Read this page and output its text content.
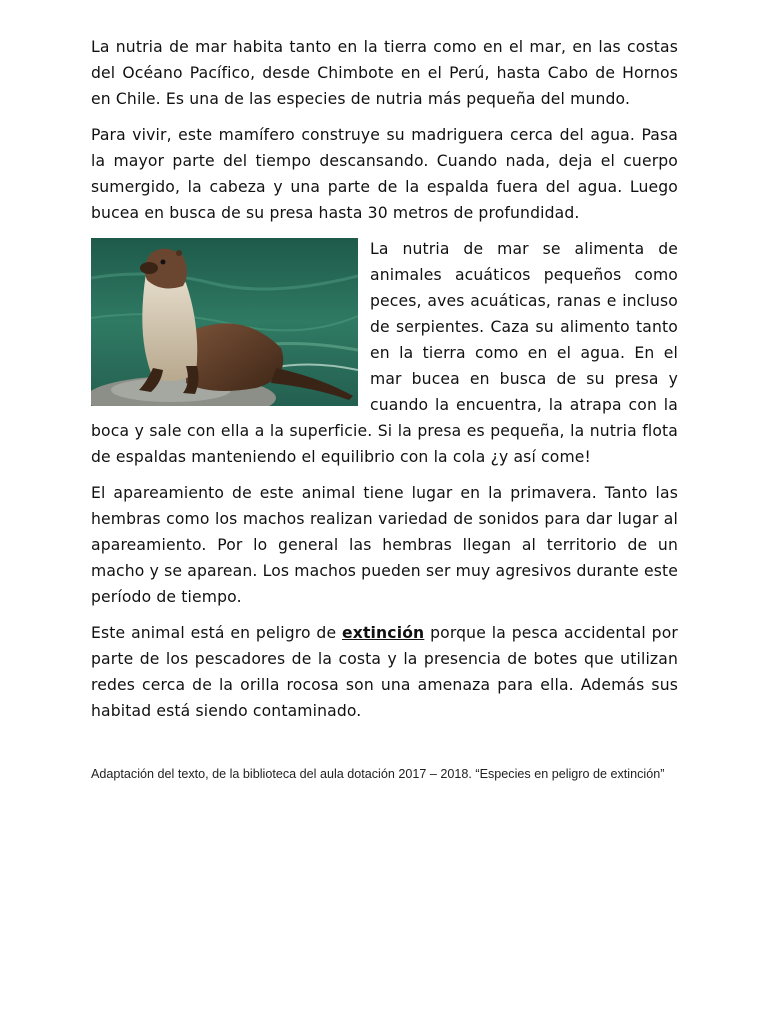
La nutria de mar habita tanto en la tierra como en el mar, en las costas del Océano Pacífico, desde Chimbote en el Perú, hasta Cabo de Hornos en Chile. Es una de las especies de nutria más pequeña del mundo.

Para vivir, este mamífero construye su madriguera cerca del agua. Pasa la mayor parte del tiempo descansando. Cuando nada, deja el cuerpo sumergido, la cabeza y una parte de la espalda fuera del agua. Luego bucea en busca de su presa hasta 30 metros de profundidad.

La nutria de mar se alimenta de animales acuáticos pequeños como peces, aves acuáticas, ranas e incluso de serpientes. Caza su alimento tanto en la tierra como en el agua. En el mar bucea en busca de su presa y cuando la encuentra, la atrapa con la boca y sale con ella a la superficie. Si la presa es pequeña, la nutria flota de espaldas manteniendo el equilibrio con la cola ¿y así come!

El apareamiento de este animal tiene lugar en la primavera. Tanto las hembras como los machos realizan variedad de sonidos para dar lugar al apareamiento. Por lo general las hembras llegan al territorio de un macho y se aparean. Los machos pueden ser muy agresivos durante este período de tiempo.

Este animal está en peligro de extinción porque la pesca accidental por parte de los pescadores de la costa y la presencia de botes que utilizan redes cerca de la orilla rocosa son una amenaza para ella. Además sus habitad está siendo contaminado.

Adaptación del texto, de la biblioteca del aula dotación 2017 – 2018. “Especies en peligro de extinción”
